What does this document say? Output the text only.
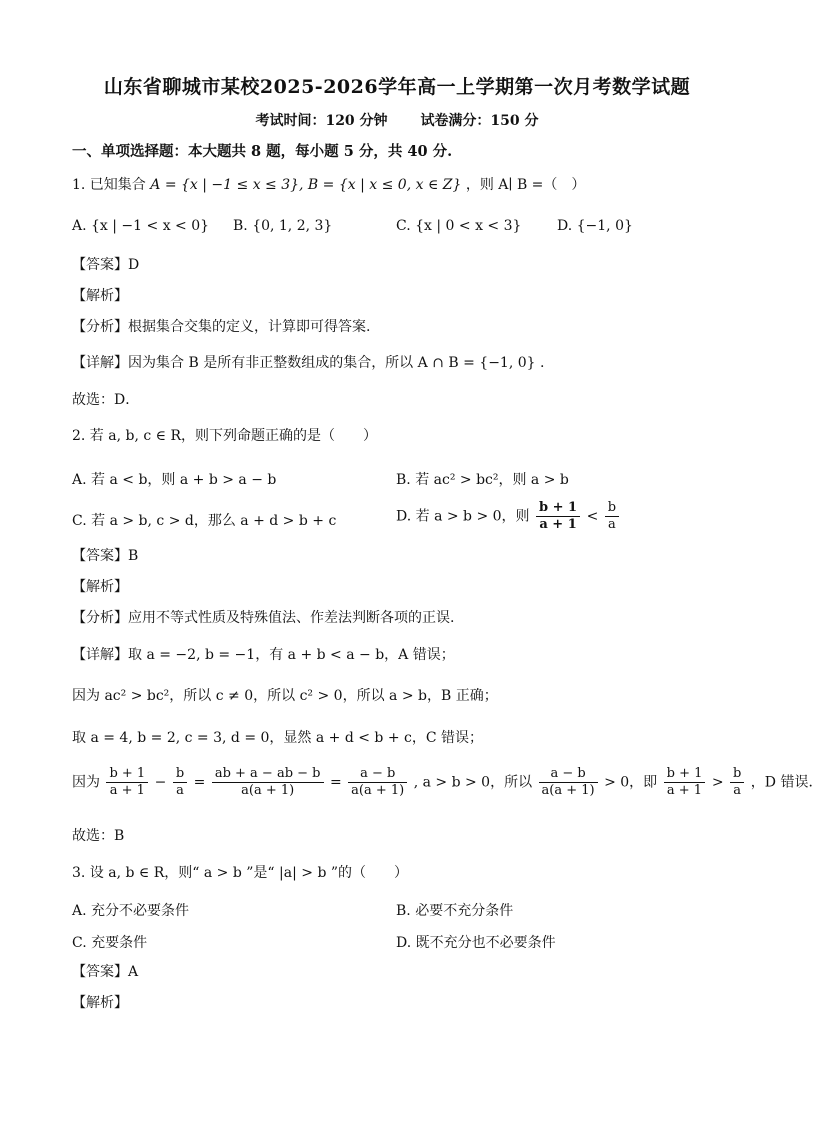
山东省聊城市某校2025-2026学年高一上学期第一次月考数学试题
考试时间：120 分钟 试卷满分：150 分
一、单项选择题：本大题共 8 题，每小题 5 分，共 40 分.
1. 已知集合 A = {x | −1 ≤ x ≤ 3}, B = {x | x ≤ 0, x ∈ Z} ，则 A∣ B =（　）
A. {x | −1 < x < 0} B. {0, 1, 2, 3}	C. {x | 0 < x < 3}	D. {−1, 0}
【答案】D
【解析】
【分析】根据集合交集的定义，计算即可得答案.
【详解】因为集合 B 是所有非正整数组成的集合，所以 A ∩ B = {−1, 0} .
故选：D．
2. 若 a, b, c ∈ R，则下列命题正确的是（　　）
A. 若 a < b，则 a + b > a − b	B. 若 ac² > bc²，则 a > b
C. 若 a > b, c > d，那么 a + d > b + c	D. 若 a > b > 0，则 $\frac{b + 1}{a + 1} < \frac{b}{a}$
【答案】B
【解析】
【分析】应用不等式性质及特殊值法、作差法判断各项的正误.
【详解】取 a = −2, b = −1，有 a + b < a − b，A 错误；
因为 ac² > bc²，所以 c ≠ 0，所以 c² > 0，所以 a > b，B 正确；
取 a = 4, b = 2, c = 3, d = 0，显然 a + d < b + c，C 错误；
因为 $\frac{b + 1}{a + 1} - \frac{b}{a} = \frac{ab + a - ab - b}{a(a + 1)} = \frac{a - b}{a(a + 1)}$ , a > b > 0，所以 $\frac{a - b}{a(a + 1)} > 0$，即 $\frac{b + 1}{a + 1} > \frac{b}{a}$ ，D 错误．
故选：B
3. 设 a, b ∈ R，则“ a > b ”是“ |a| > b ”的（　　）
A. 充分不必要条件	B. 必要不充分条件
C. 充要条件	D. 既不充分也不必要条件
【答案】A
【解析】
